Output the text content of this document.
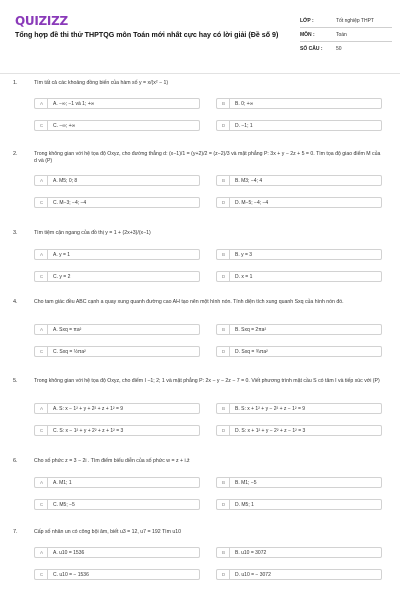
QUIZIZZ
Tổng hợp đề thi thử THPTQG môn Toán mới nhất cực hay có lời giải (Đề số 9)
LỚP :	Tốt nghiệp THPT
MÔN :	Toán
SỐ CÂU :	50
1.	Tìm tất cả các khoảng đồng biến của hàm số y = x/(x² − 1)
A	A. −∞; −1 và 1; +∞	B	B. 0; +∞
C	C. −∞; +∞	D	D. −1; 1
2.	Trong không gian với hệ tọa độ Oxyz, cho đường thẳng d: (x−1)/1 = (y+2)/2 = (z−2)/3 và mặt phẳng P: 3x + y − 2z + 5 = 0. Tìm tọa độ giao điểm M của d và (P)
A	A. M5; 0; 8	B	B. M3; −4; 4
C	C. M−3; −4; −4	D	D. M−5; −4; −4
3.	Tìm tiệm cận ngang của đồ thị y = 1 + (2x+3)/(x−1)
A	A. y = 1	B	B. y = 3
C	C. y = 2	D	D. x = 1
4.	Cho tam giác đều ABC cạnh a quay xung quanh đường cao AH tạo nên một hình nón. Tính diện tích xung quanh Sxq của hình nón đó.
A	A. Sxq = πa²	B	B. Sxq = 2πa²
C	C. Sxq = ½πa²	D	D. Sxq = ¾πa²
5.	Trong không gian với hệ tọa độ Oxyz, cho điểm I −1; 2; 1 và mặt phẳng P: 2x − y − 2z − 7 = 0. Viết phương trình mặt cầu S có tâm I và tiếp xúc với (P)
A	A. S: x − 1² + y + 2² + z + 1² = 9	B	B. S: x + 1² + y − 2² + z − 1² = 9
C	C. S: x − 1² + y + 2² + z + 1² = 3	D	D. S: x + 1² + y − 2² + z − 1² = 3
6.	Cho số phức z = 3 − 2i . Tìm điểm biểu diễn của số phức w = z + i.z̄
A	A. M1; 1	B	B. M1; −5
C	C. M5; −5	D	D. M5; 1
7.	Cấp số nhân un có công bội âm, biết u3 = 12, u7 = 192 Tìm u10
A	A. u10 = 1536	B	B. u10 = 3072
C	C. u10 = − 1536	D	D. u10 = − 3072
